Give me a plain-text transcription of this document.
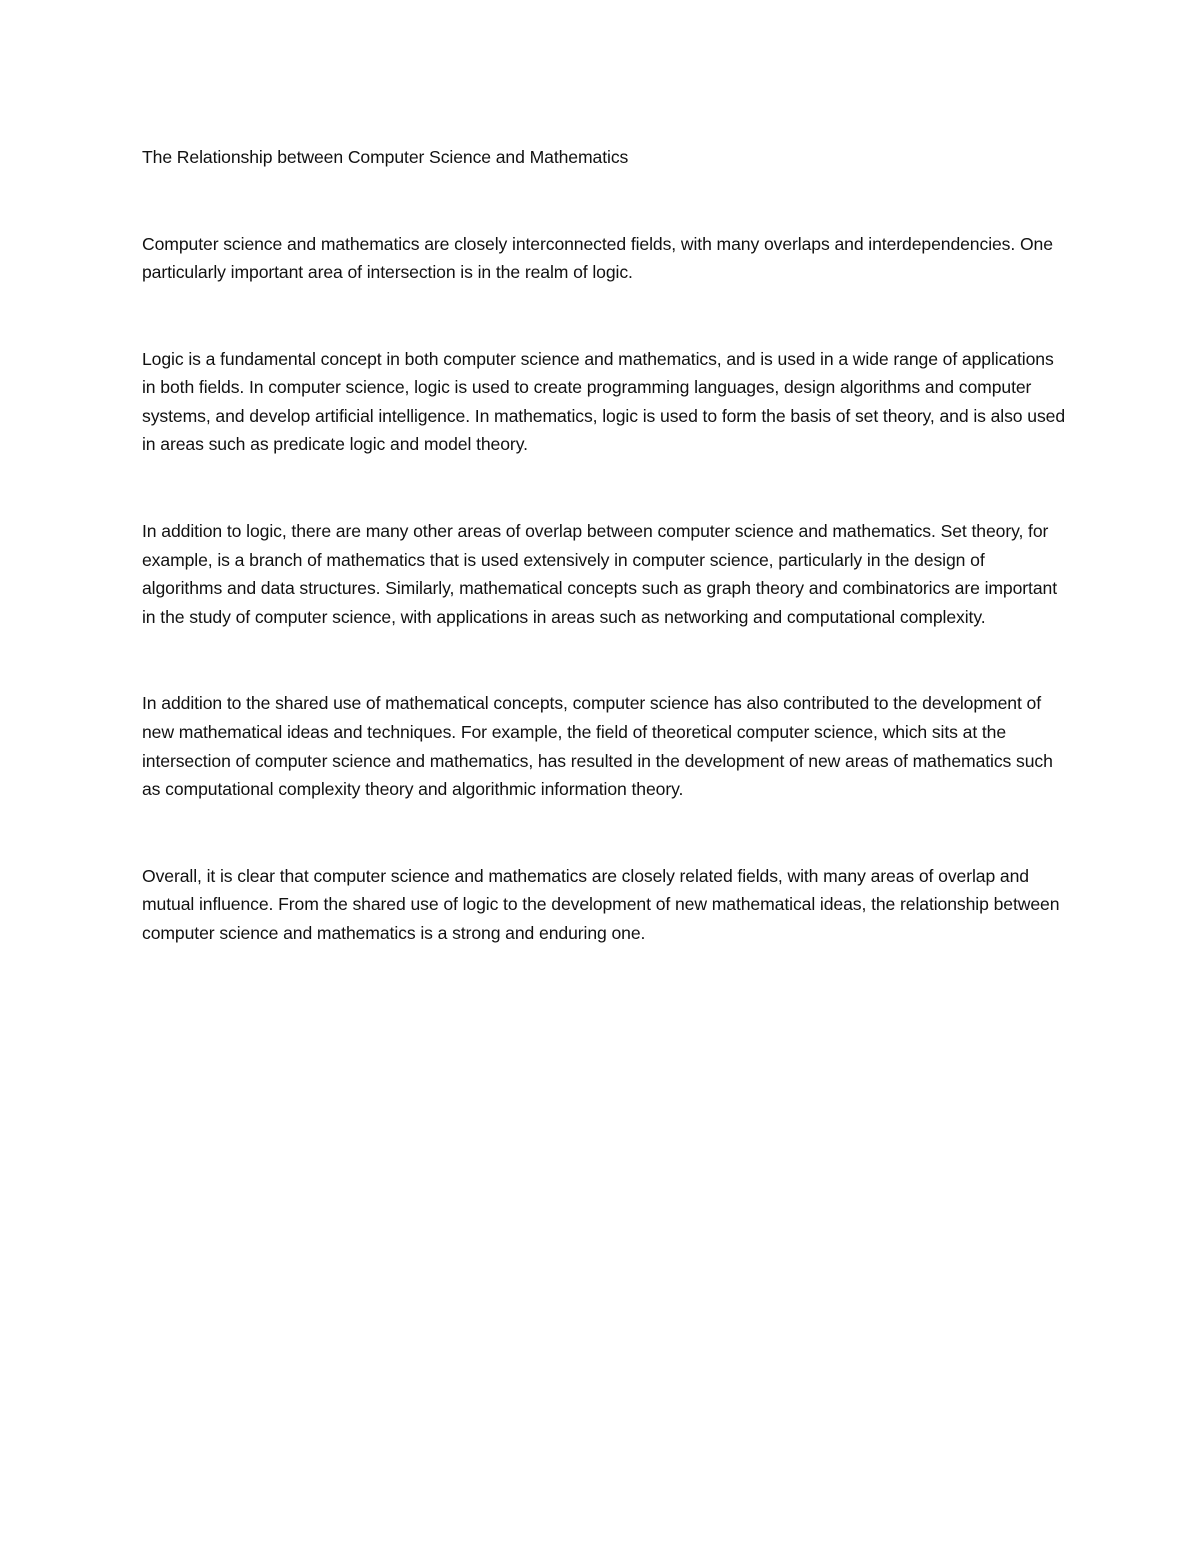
The Relationship between Computer Science and Mathematics

Computer science and mathematics are closely interconnected fields, with many overlaps and interdependencies. One particularly important area of intersection is in the realm of logic.

Logic is a fundamental concept in both computer science and mathematics, and is used in a wide range of applications in both fields. In computer science, logic is used to create programming languages, design algorithms and computer systems, and develop artificial intelligence. In mathematics, logic is used to form the basis of set theory, and is also used in areas such as predicate logic and model theory.

In addition to logic, there are many other areas of overlap between computer science and mathematics. Set theory, for example, is a branch of mathematics that is used extensively in computer science, particularly in the design of algorithms and data structures. Similarly, mathematical concepts such as graph theory and combinatorics are important in the study of computer science, with applications in areas such as networking and computational complexity.

In addition to the shared use of mathematical concepts, computer science has also contributed to the development of new mathematical ideas and techniques. For example, the field of theoretical computer science, which sits at the intersection of computer science and mathematics, has resulted in the development of new areas of mathematics such as computational complexity theory and algorithmic information theory.

Overall, it is clear that computer science and mathematics are closely related fields, with many areas of overlap and mutual influence. From the shared use of logic to the development of new mathematical ideas, the relationship between computer science and mathematics is a strong and enduring one.
